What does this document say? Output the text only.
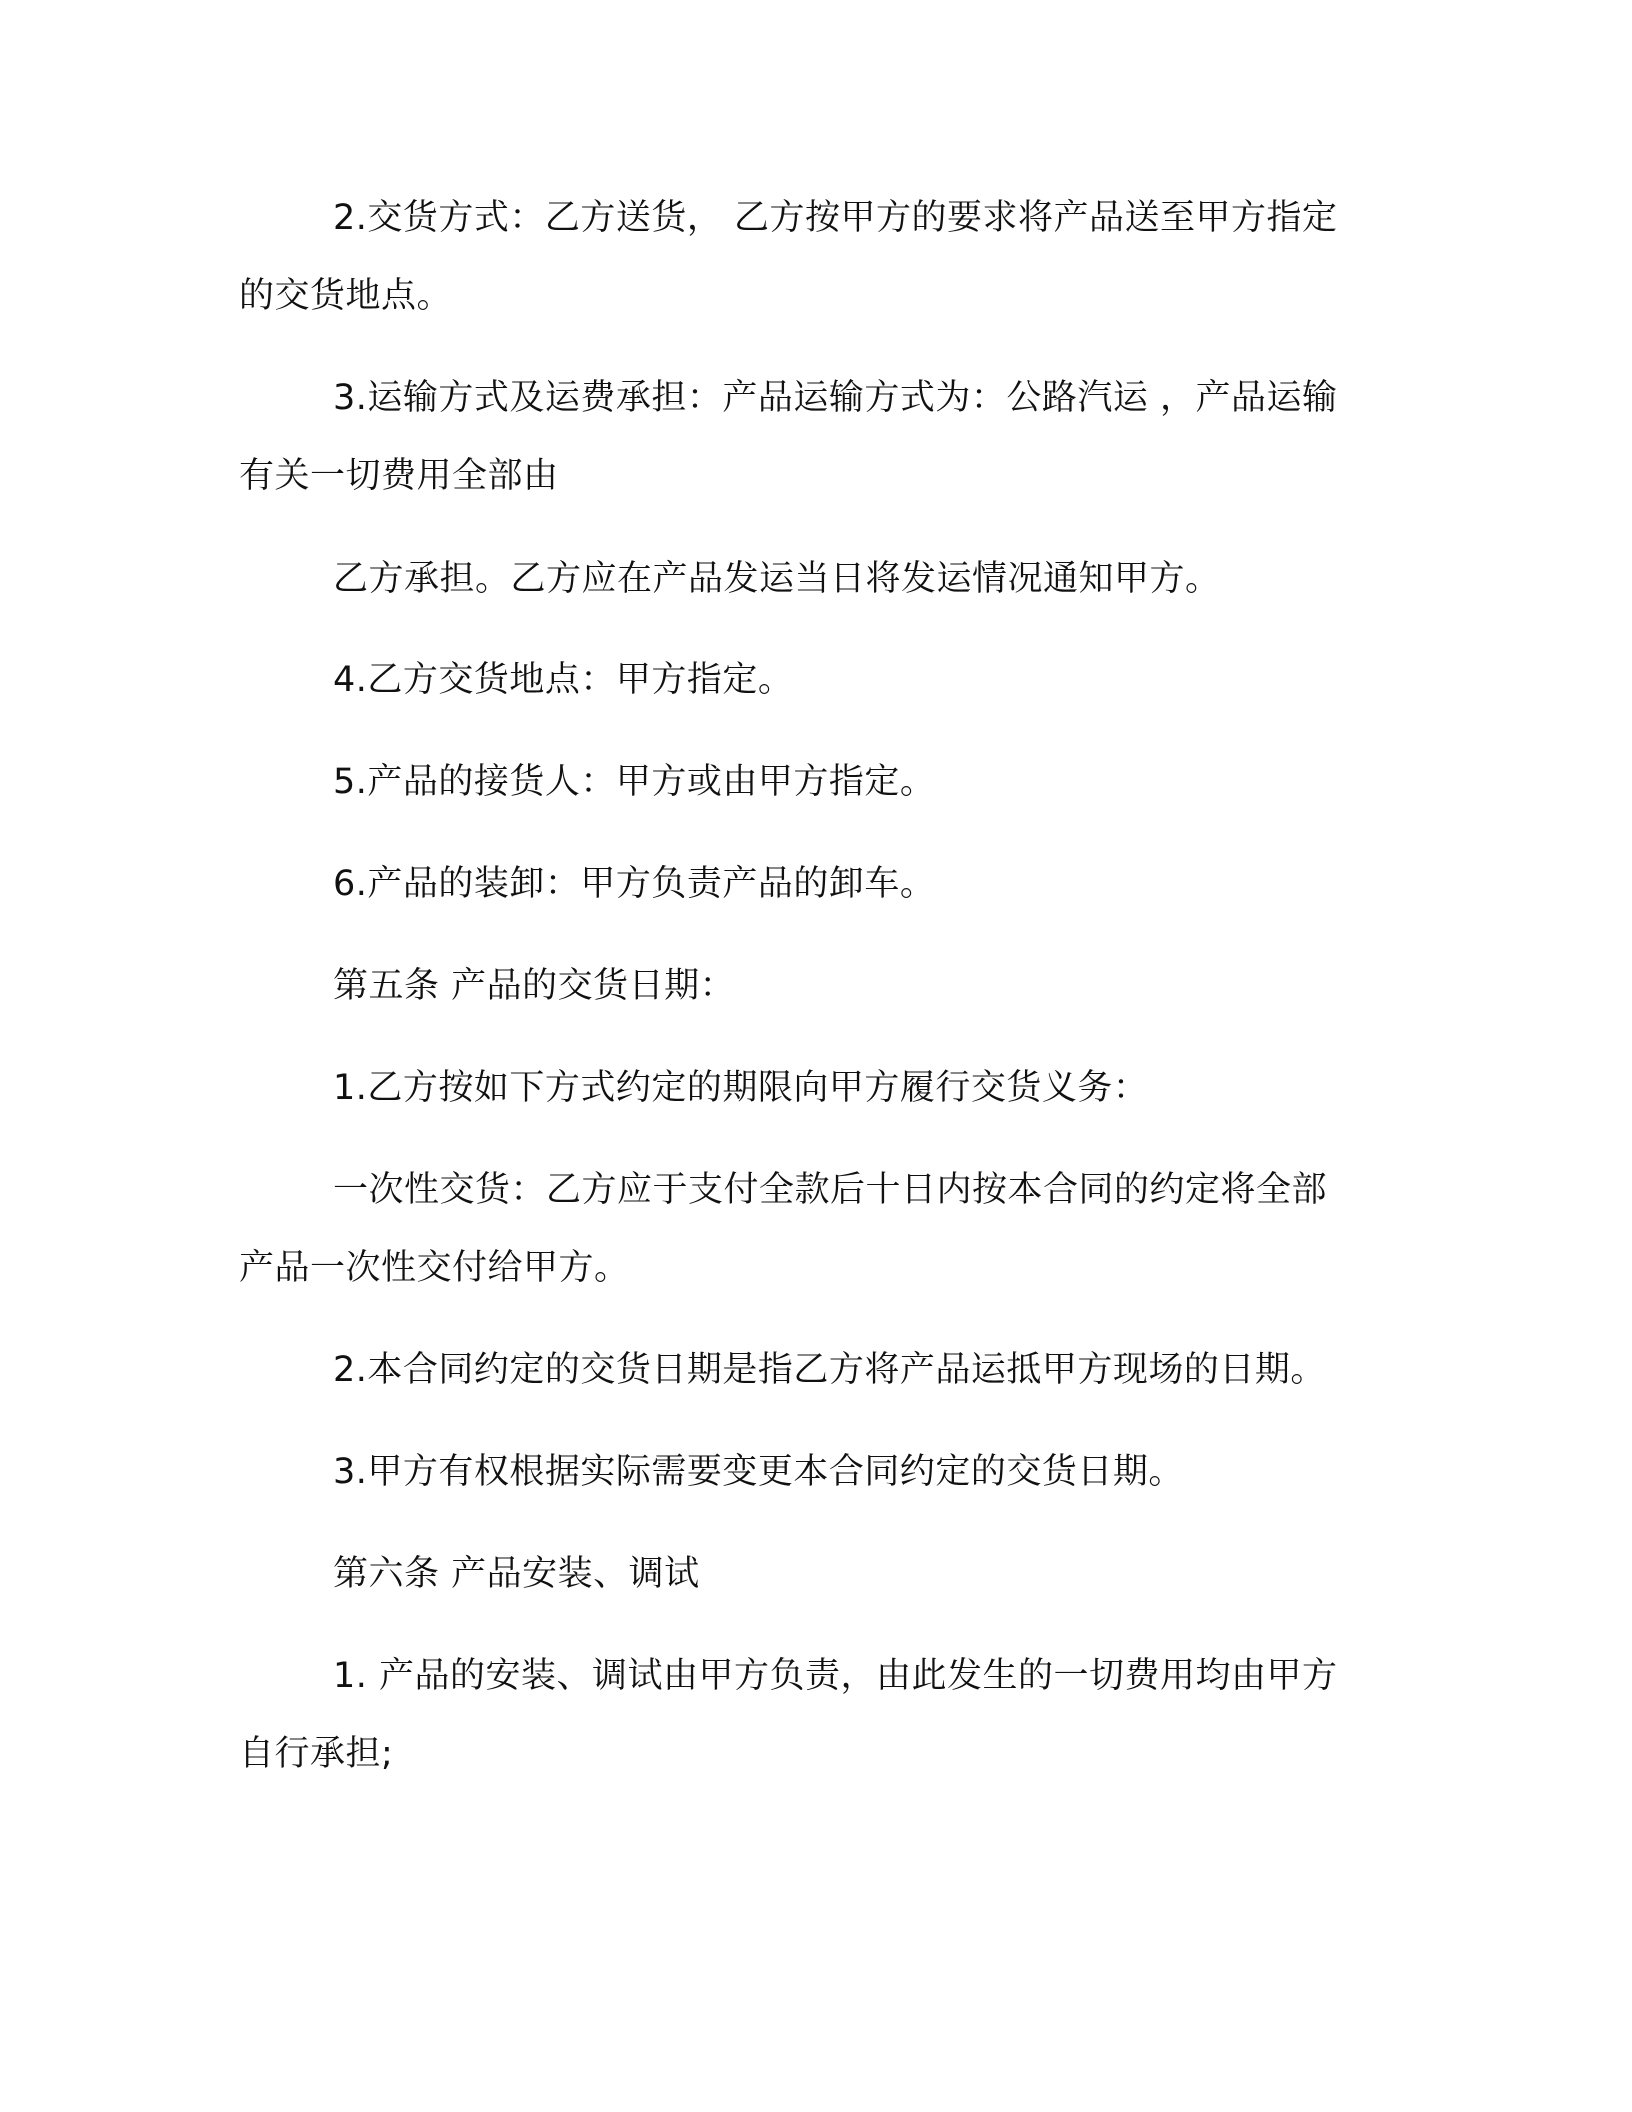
2.交货方式：乙方送货， 乙方按甲方的要求将产品送至甲方指定
的交货地点。
3.运输方式及运费承担：产品运输方式为：公路汽运 ，产品运输
有关一切费用全部由
乙方承担。乙方应在产品发运当日将发运情况通知甲方。
4.乙方交货地点：甲方指定。
5.产品的接货人：甲方或由甲方指定。
6.产品的装卸：甲方负责产品的卸车。
第五条 产品的交货日期：
1.乙方按如下方式约定的期限向甲方履行交货义务：
一次性交货：乙方应于支付全款后十日内按本合同的约定将全部
产品一次性交付给甲方。
2.本合同约定的交货日期是指乙方将产品运抵甲方现场的日期。
3.甲方有权根据实际需要变更本合同约定的交货日期。
第六条 产品安装、调试
1. 产品的安装、调试由甲方负责，由此发生的一切费用均由甲方
自行承担;
